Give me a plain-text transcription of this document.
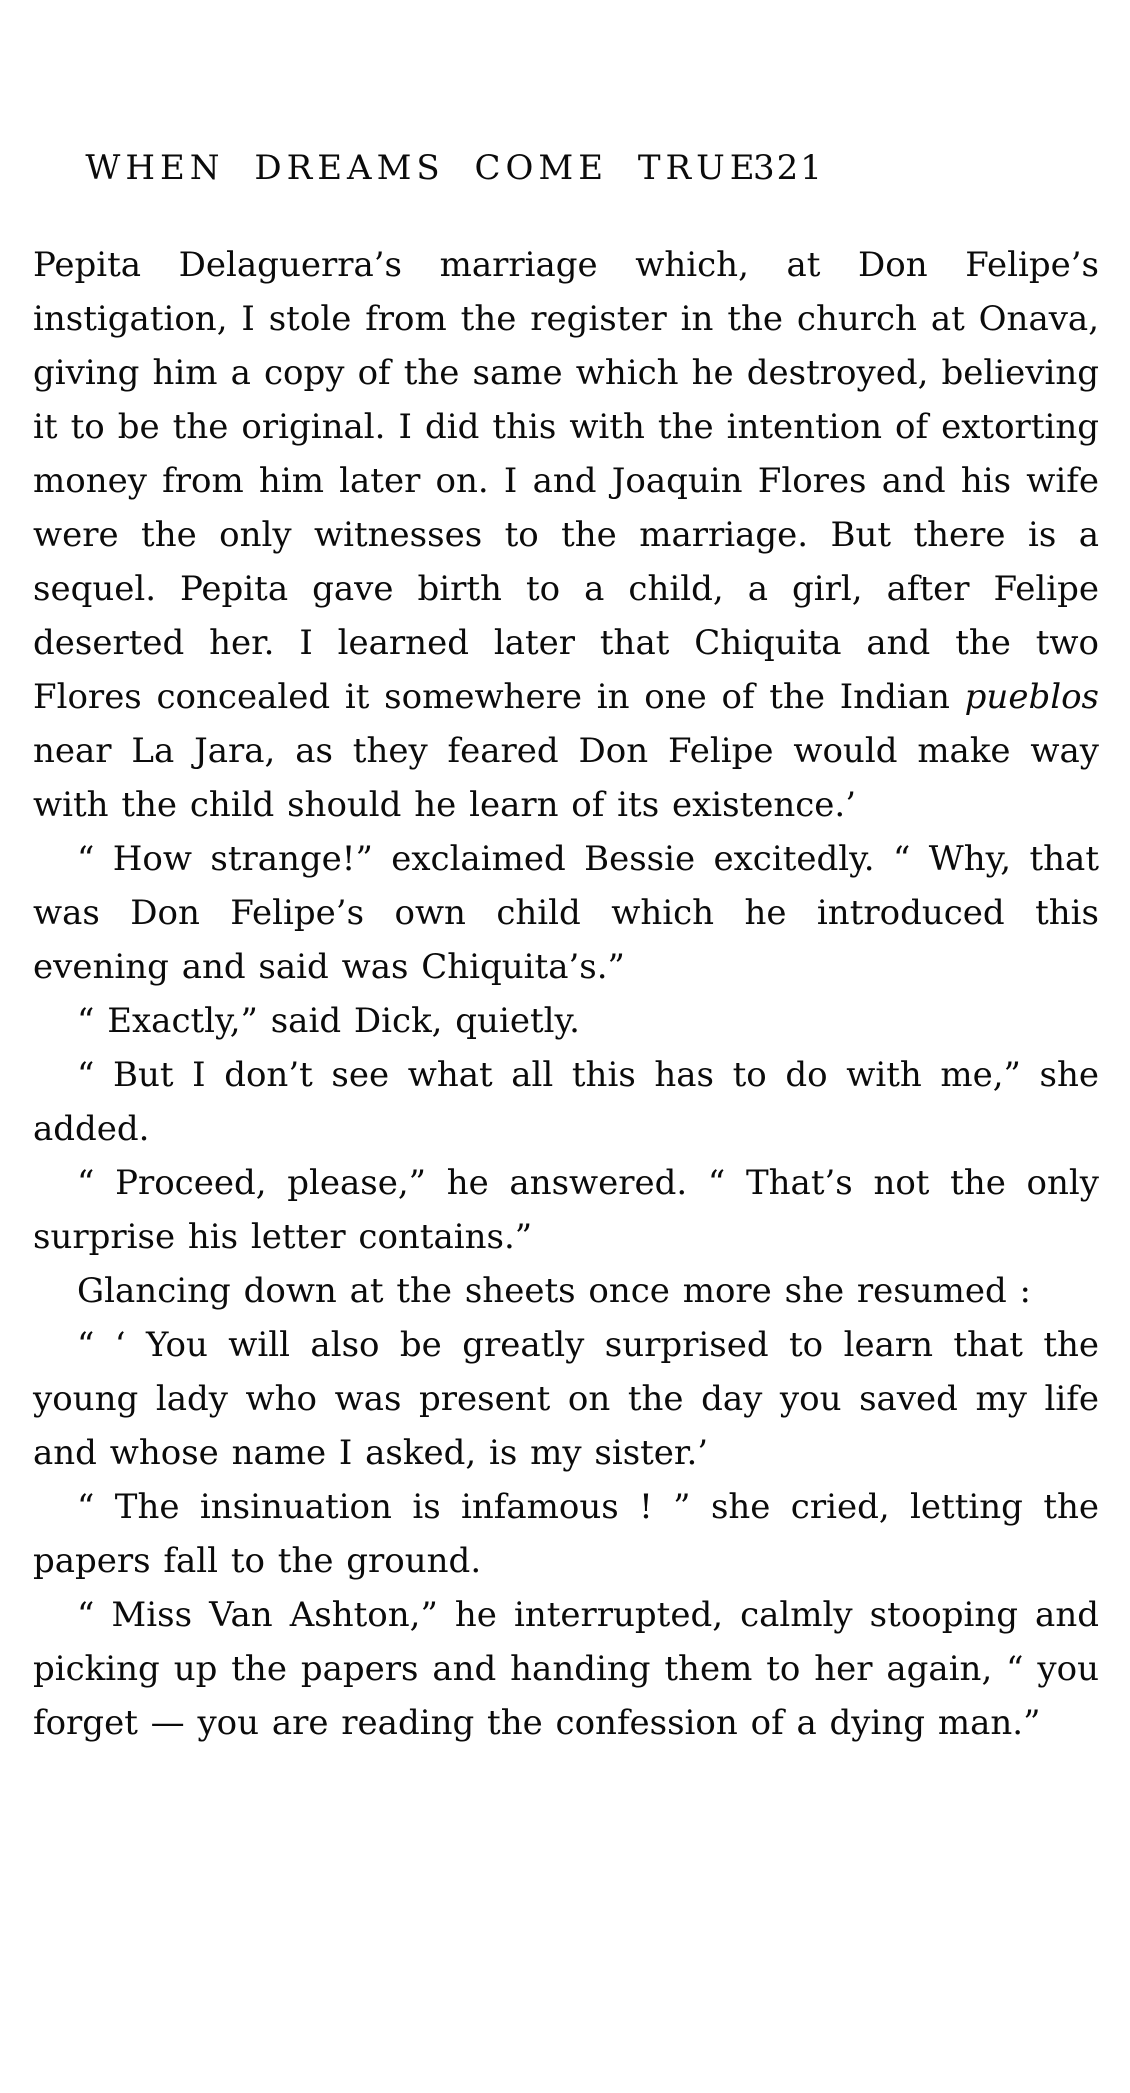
WHEN DREAMS COME TRUE
321

Pepita Delaguerra’s marriage which, at Don Felipe’s instigation, I stole from the register in the church at Onava, giving him a copy of the same which he destroyed, believing it to be the original. I did this with the intention of extorting money from him later on. I and Joaquin Flores and his wife were the only witnesses to the marriage. But there is a sequel. Pepita gave birth to a child, a girl, after Felipe deserted her. I learned later that Chiquita and the two Flores concealed it somewhere in one of the Indian pueblos near La Jara, as they feared Don Felipe would make way with the child should he learn of its existence.’

“ How strange!” exclaimed Bessie excitedly. “ Why, that was Don Felipe’s own child which he introduced this evening and said was Chiquita’s.”

“ Exactly,” said Dick, quietly.

“ But I don’t see what all this has to do with me,” she added.

“ Proceed, please,” he answered. “ That’s not the only surprise his letter contains.”

Glancing down at the sheets once more she resumed :

“ ‘ You will also be greatly surprised to learn that the young lady who was present on the day you saved my life and whose name I asked, is my sister.’

“ The insinuation is infamous ! ” she cried, letting the papers fall to the ground.

“ Miss Van Ashton,” he interrupted, calmly stooping and picking up the papers and handing them to her again, “ you forget — you are reading the confession of a dying man.”
